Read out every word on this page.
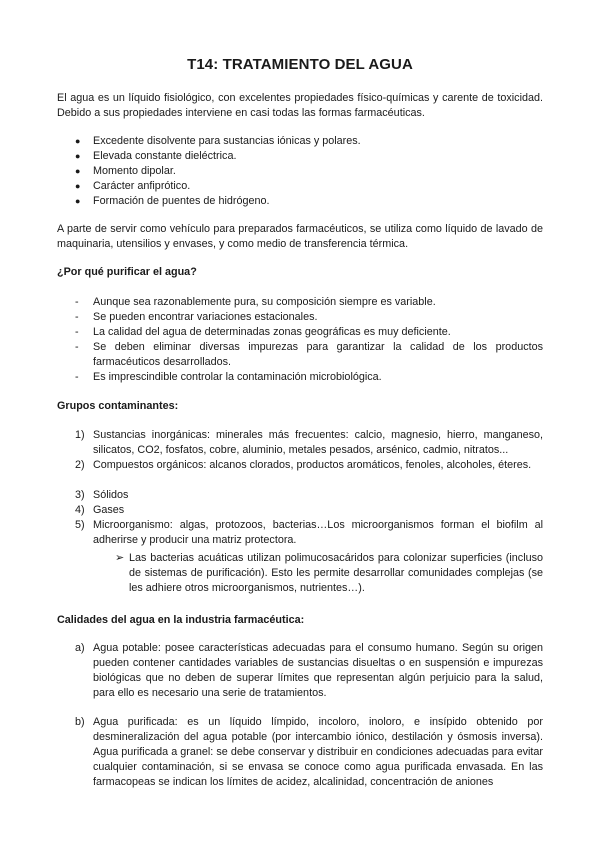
T14: TRATAMIENTO DEL AGUA
El agua es un líquido fisiológico, con excelentes propiedades físico-químicas y carente de toxicidad. Debido a sus propiedades interviene en casi todas las formas farmacéuticas.
● Excedente disolvente para sustancias iónicas y polares.
● Elevada constante dieléctrica.
● Momento dipolar.
● Carácter anfiprótico.
● Formación de puentes de hidrógeno.
A parte de servir como vehículo para preparados farmacéuticos, se utiliza como líquido de lavado de maquinaria, utensilios y envases, y como medio de transferencia térmica.
¿Por qué purificar el agua?
- Aunque sea razonablemente pura, su composición siempre es variable.
- Se pueden encontrar variaciones estacionales.
- La calidad del agua de determinadas zonas geográficas es muy deficiente.
- Se deben eliminar diversas impurezas para garantizar la calidad de los productos farmacéuticos desarrollados.
- Es imprescindible controlar la contaminación microbiológica.
Grupos contaminantes:
1) Sustancias inorgánicas: minerales más frecuentes: calcio, magnesio, hierro, manganeso, silicatos, CO2, fosfatos, cobre, aluminio, metales pesados, arsénico, cadmio, nitratos...
2) Compuestos orgánicos: alcanos clorados, productos aromáticos, fenoles, alcoholes, éteres.
3) Sólidos
4) Gases
5) Microorganismo: algas, protozoos, bacterias…Los microorganismos forman el biofilm al adherirse y producir una matriz protectora.
➢ Las bacterias acuáticas utilizan polimucosacáridos para colonizar superficies (incluso de sistemas de purificación). Esto les permite desarrollar comunidades complejas (se les adhiere otros microorganismos, nutrientes…).
Calidades del agua en la industria farmacéutica:
a) Agua potable: posee características adecuadas para el consumo humano. Según su origen pueden contener cantidades variables de sustancias disueltas o en suspensión e impurezas biológicas que no deben de superar límites que representan algún perjuicio para la salud, para ello es necesario una serie de tratamientos.
b) Agua purificada: es un líquido límpido, incoloro, inoloro, e insípido obtenido por desmineralización del agua potable (por intercambio iónico, destilación y ósmosis inversa). Agua purificada a granel: se debe conservar y distribuir en condiciones adecuadas para evitar cualquier contaminación, si se envasa se conoce como agua purificada envasada. En las farmacopeas se indican los límites de acidez, alcalinidad, concentración de aniones
